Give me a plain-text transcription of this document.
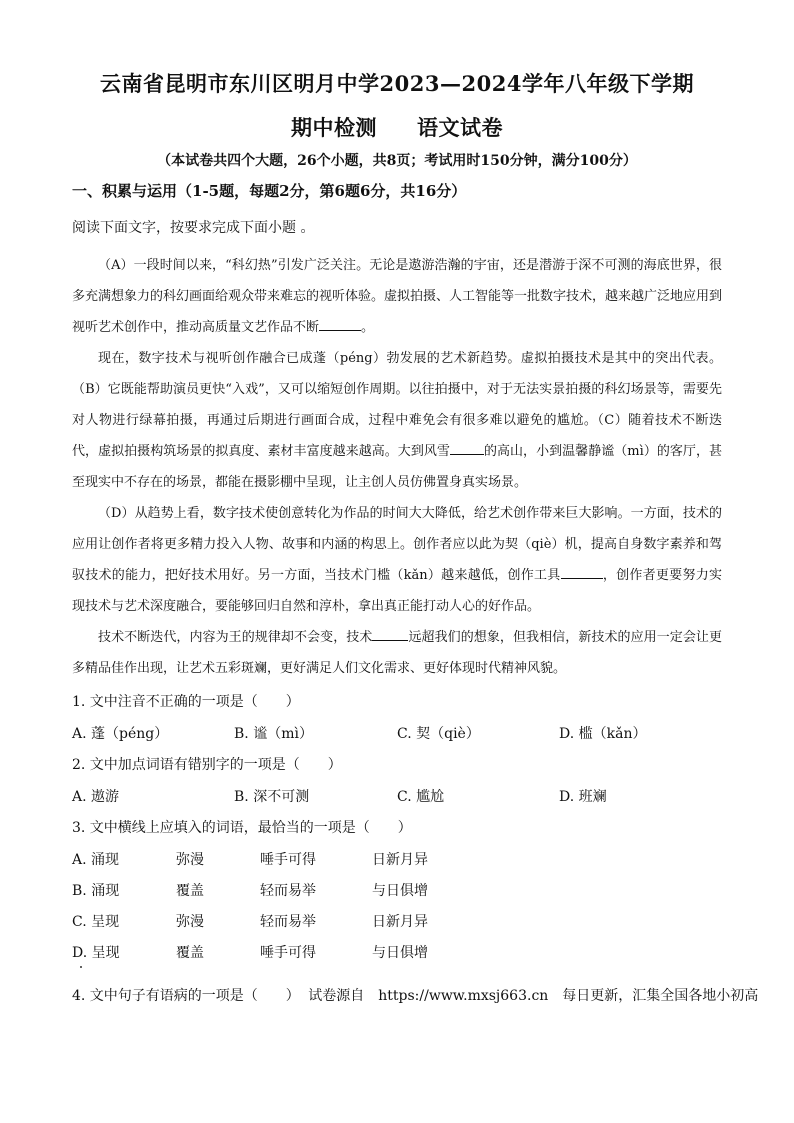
云南省昆明市东川区明月中学2023—2024学年八年级下学期
期中检测 语文试卷
（本试卷共四个大题，26个小题，共8页；考试用时150分钟，满分100分）
一、积累与运用（1-5题，每题2分，第6题6分，共16分）
阅读下面文字，按要求完成下面小题 。
（A）一段时间以来，“科幻热”引发广泛关注。无论是遨游浩瀚的宇宙，还是潜游于深不可测的海底世界，很多充满想象力的科幻画面给观众带来难忘的视听体验。虚拟拍摄、人工智能等一批数字技术，越来越广泛地应用到视听艺术创作中，推动高质量文艺作品不断	。
现在，数字技术与视听创作融合已成蓬（péng）勃发展的艺术新趋势。虚拟拍摄技术是其中的突出代表。（B）它既能帮助演员更快“入戏”，又可以缩短创作周期。以往拍摄中，对于无法实景拍摄的科幻场景等，需要先对人物进行绿幕拍摄，再通过后期进行画面合成，过程中难免会有很多难以避免的尴尬。（C）随着技术不断迭代，虚拟拍摄构筑场景的拟真度、素材丰富度越来越高。大到风雪	的高山，小到温馨静谧（mì）的客厅，甚至现实中不存在的场景，都能在摄影棚中呈现，让主创人员仿佛置身真实场景。
（D）从趋势上看，数字技术使创意转化为作品的时间大大降低，给艺术创作带来巨大影响。一方面，技术的应用让创作者将更多精力投入人物、故事和内涵的构思上。创作者应以此为契（qiè）机，提高自身数字素养和驾驭技术的能力，把好技术用好。另一方面，当技术门槛（kǎn）越来越低，创作工具	，创作者更要努力实现技术与艺术深度融合，要能够回归自然和淳朴，拿出真正能打动人心的好作品。
技术不断迭代，内容为王的规律却不会变，技术	远超我们的想象，但我相信，新技术的应用一定会让更多精品佳作出现，让艺术五彩斑斓，更好满足人们文化需求、更好体现时代精神风貌。
1. 文中注音不正确的一项是（　　）
A. 蓬（péng）	B. 谧（mì）	C. 契（qiè）	D. 槛（kǎn）
2. 文中加点词语有错别字的一项是（　　）
A. 遨游	B. 深不可测	C. 尴尬	D. 班斓
3. 文中横线上应填入的词语，最恰当的一项是（　　）
A. 涌现	弥漫	唾手可得	日新月异
B. 涌现	覆盖	轻而易举	与日俱增
C. 呈现	弥漫	轻而易举	日新月异
D. 呈现	覆盖	唾手可得	与日俱增
4. 文中句子有语病的一项是（　　） 试卷源自　https://www.mxsj663.cn　每日更新，汇集全国各地小初高
